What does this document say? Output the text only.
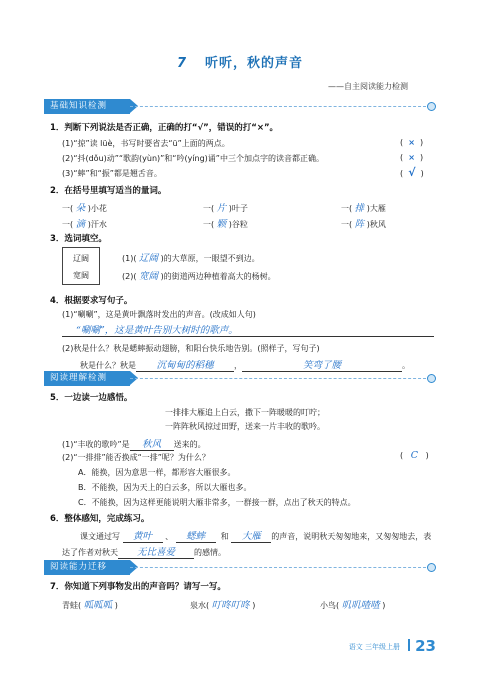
7 听听，秋的声音
——自主阅读能力检测
基础知识检测
1．判断下列说法是否正确，正确的打“√”，错误的打“×”。
(1)“掠”读 lüè，书写时要省去“ü”上面的两点。	(  ×  )
(2)“抖(dǒu)动”“歌韵(yùn)”和“吟(yíng)诵”中三个加点字的读音都正确。	(  ×  )
(3)“蟀”和“振”都是翘舌音。	(  √  )
2．在括号里填写适当的量词。
一( 朵 )小花	一( 片 )叶子	一( 排 )大雁
一( 滴 )汗水	一( 颗 )谷粒	一( 阵 )秋风
3．选词填空。
辽阔
宽阔
(1)( 辽阔 )的大草原，一眼望不到边。
(2)( 宽阔 )的街道两边种植着高大的杨树。
4．根据要求写句子。
(1)“唰唰”，这是黄叶飘落时发出的声音。(改成如人句)
“唰唰”，这是黄叶告别大树时的歌声。
(2)秋是什么？秋是蟋蟀振动翅膀，和阳台快乐地告别。(照样子，写句子)
秋是什么？秋是 沉甸甸的稻穗	，	笑弯了腰	。
阅读理解检测
5．一边读一边感悟。
一排排大雁追上白云，撒下一阵暖暖的叮咛；
一阵阵秋风掠过田野，送来一片丰收的歌吟。
(1)“丰收的歌吟”是 秋风 送来的。
(2)“一排排”能否换成“一排”呢？为什么？	(   C   )
A．能换，因为意思一样，都形容大雁很多。
B．不能换，因为天上的白云多，所以大雁也多。
C．不能换，因为这样更能说明大雁非常多，一群接一群，点出了秋天的特点。
6．整体感知，完成练习。
课文通过写 黄叶 、 蟋蟀 和 大雁 的声音，说明秋天匆匆地来，又匆匆地去，表
达了作者对秋天 无比喜爱 的感情。
阅读能力迁移
7．你知道下列事物发出的声音吗？请写一写。
青蛙( 呱呱呱 )	泉水( 叮咚叮咚 )	小鸟( 叽叽喳喳 )
语文 三年级上册 23
